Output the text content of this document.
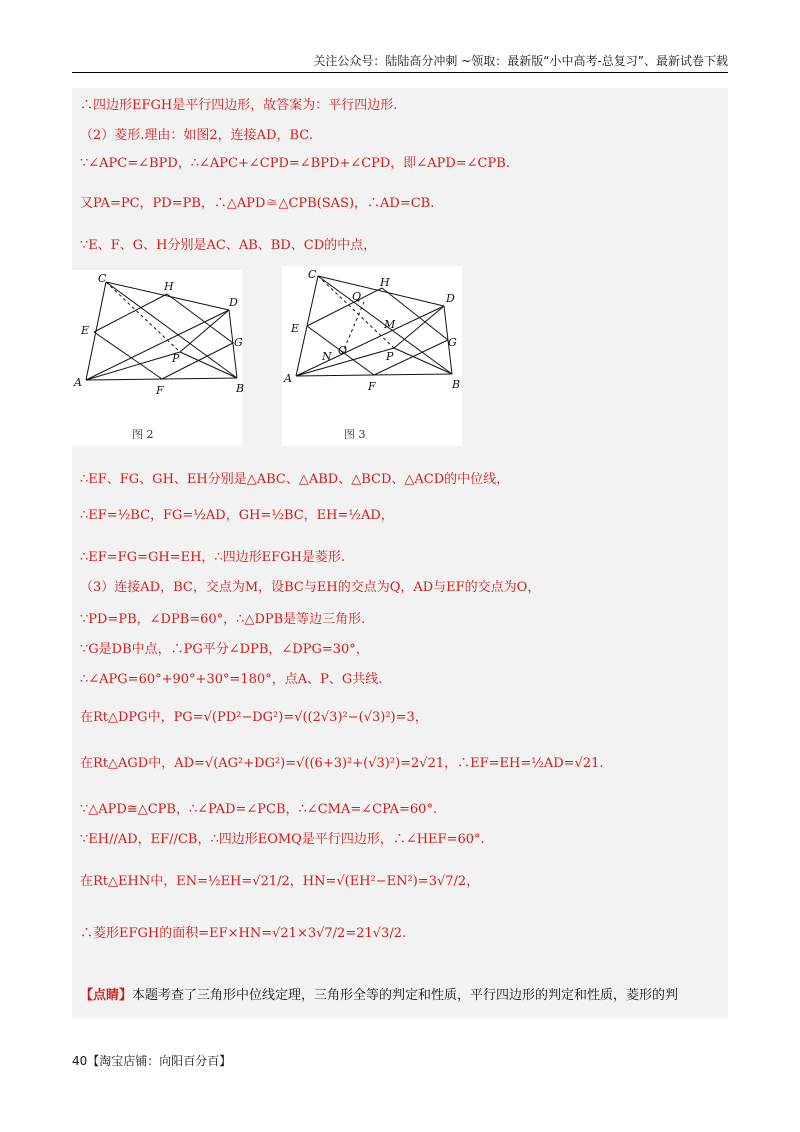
关注公众号：陆陆高分冲刺 ~领取：最新版“小中高考-总复习”、最新试卷下载
∴四边形EFGH是平行四边形，故答案为：平行四边形.
（2）菱形.理由：如图2，连接AD，BC.
∵∠APC=∠BPD，∴∠APC+∠CPD=∠BPD+∠CPD，即∠APD=∠CPB.
又PA=PC，PD=PB，∴△APD≅△CPB(SAS)，∴AD=CB.
∵E、F、G、H分别是AC、AB、BD、CD的中点，
C
H
D
E
G
P
A
F	B
图 2
C
H
Q	D
M
E
G
N O	P
A
F	B
图 3
∴EF、FG、GH、EH分别是△ABC、△ABD、△BCD、△ACD的中位线，
∴EF=½BC，FG=½AD，GH=½BC，EH=½AD，
∴EF=FG=GH=EH，∴四边形EFGH是菱形.
（3）连接AD，BC，交点为M，设BC与EH的交点为Q，AD与EF的交点为O，
∵PD=PB，∠DPB=60°，∴△DPB是等边三角形.
∵G是DB中点，∴PG平分∠DPB，∠DPG=30°，
∴∠APG=60°+90°+30°=180°，点A、P、G共线.
在Rt△DPG中，PG=√(PD²−DG²)=√((2√3)²−(√3)²)=3，
在Rt△AGD中，AD=√(AG²+DG²)=√((6+3)²+(√3)²)=2√21，∴EF=EH=½AD=√21.
∵△APD≅△CPB，∴∠PAD=∠PCB，∴∠CMA=∠CPA=60°.
∵EH//AD，EF//CB，∴四边形EOMQ是平行四边形，∴∠HEF=60°.
在Rt△EHN中，EN=½EH=√21/2，HN=√(EH²−EN²)=3√7/2，
∴菱形EFGH的面积=EF×HN=√21×3√7/2=21√3/2.
【点睛】本题考查了三角形中位线定理，三角形全等的判定和性质，平行四边形的判定和性质，菱形的判
40【淘宝店铺：向阳百分百】
